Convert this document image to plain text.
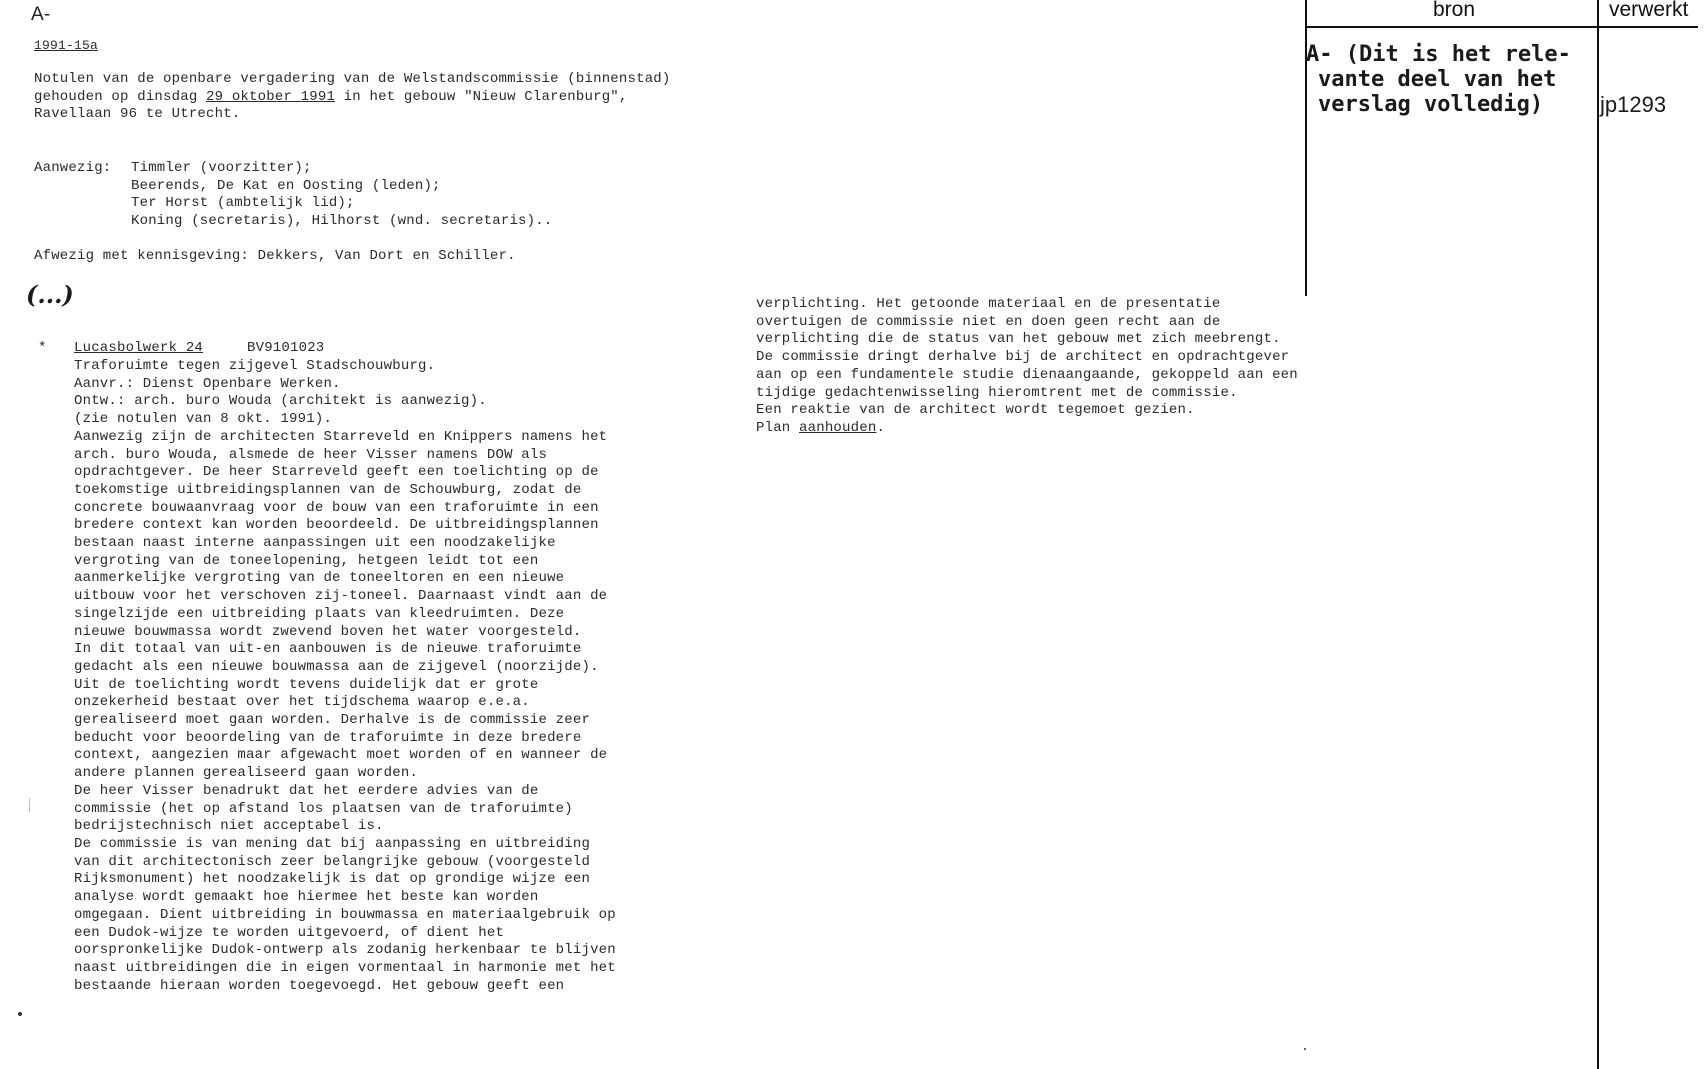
A-
1991-15a
Notulen van de openbare vergadering van de Welstandscommissie (binnenstad)
gehouden op dinsdag 29 oktober 1991 in het gebouw "Nieuw Clarenburg",
Ravellaan 96 te Utrecht.
Aanwezig: Timmler (voorzitter);
Beerends, De Kat en Oosting (leden);
Ter Horst (ambtelijk lid);
Koning (secretaris), Hilhorst (wnd. secretaris)..
Afwezig met kennisgeving: Dekkers, Van Dort en Schiller.
(...)
* Lucasbolwerk 24	BV9101023
Traforuimte tegen zijgevel Stadschouwburg.
Aanvr.: Dienst Openbare Werken.
Ontw.: arch. buro Wouda (architekt is aanwezig).
(zie notulen van 8 okt. 1991).
Aanwezig zijn de architecten Starreveld en Knippers namens het
arch. buro Wouda, alsmede de heer Visser namens DOW als
opdrachtgever. De heer Starreveld geeft een toelichting op de
toekomstige uitbreidingsplannen van de Schouwburg, zodat de
concrete bouwaanvraag voor de bouw van een traforuimte in een
bredere context kan worden beoordeeld. De uitbreidingsplannen
bestaan naast interne aanpassingen uit een noodzakelijke
vergroting van de toneelopening, hetgeen leidt tot een
aanmerkelijke vergroting van de toneeltoren en een nieuwe
uitbouw voor het verschoven zij-toneel. Daarnaast vindt aan de
singelzijde een uitbreiding plaats van kleedruimten. Deze
nieuwe bouwmassa wordt zwevend boven het water voorgesteld.
In dit totaal van uit-en aanbouwen is de nieuwe traforuimte
gedacht als een nieuwe bouwmassa aan de zijgevel (noorzijde).
Uit de toelichting wordt tevens duidelijk dat er grote
onzekerheid bestaat over het tijdschema waarop e.e.a.
gerealiseerd moet gaan worden. Derhalve is de commissie zeer
beducht voor beoordeling van de traforuimte in deze bredere
context, aangezien maar afgewacht moet worden of en wanneer de
andere plannen gerealiseerd gaan worden.
De heer Visser benadrukt dat het eerdere advies van de
commissie (het op afstand los plaatsen van de traforuimte)
bedrijstechnisch niet acceptabel is.
De commissie is van mening dat bij aanpassing en uitbreiding
van dit architectonisch zeer belangrijke gebouw (voorgesteld
Rijksmonument) het noodzakelijk is dat op grondige wijze een
analyse wordt gemaakt hoe hiermee het beste kan worden
omgegaan. Dient uitbreiding in bouwmassa en materiaalgebruik op
een Dudok-wijze te worden uitgevoerd, of dient het
oorspronkelijke Dudok-ontwerp als zodanig herkenbaar te blijven
naast uitbreidingen die in eigen vormentaal in harmonie met het
bestaande hieraan worden toegevoegd. Het gebouw geeft een
verplichting. Het getoonde materiaal en de presentatie
overtuigen de commissie niet en doen geen recht aan de
verplichting die de status van het gebouw met zich meebrengt.
De commissie dringt derhalve bij de architect en opdrachtgever
aan op een fundamentele studie dienaangaande, gekoppeld aan een
tijdige gedachtenwisseling hieromtrent met de commissie.
Een reaktie van de architect wordt tegemoet gezien.
Plan aanhouden.
bron	verwerkt
A- (Dit is het rele-
vante deel van het
verslag volledig)	jp1293
